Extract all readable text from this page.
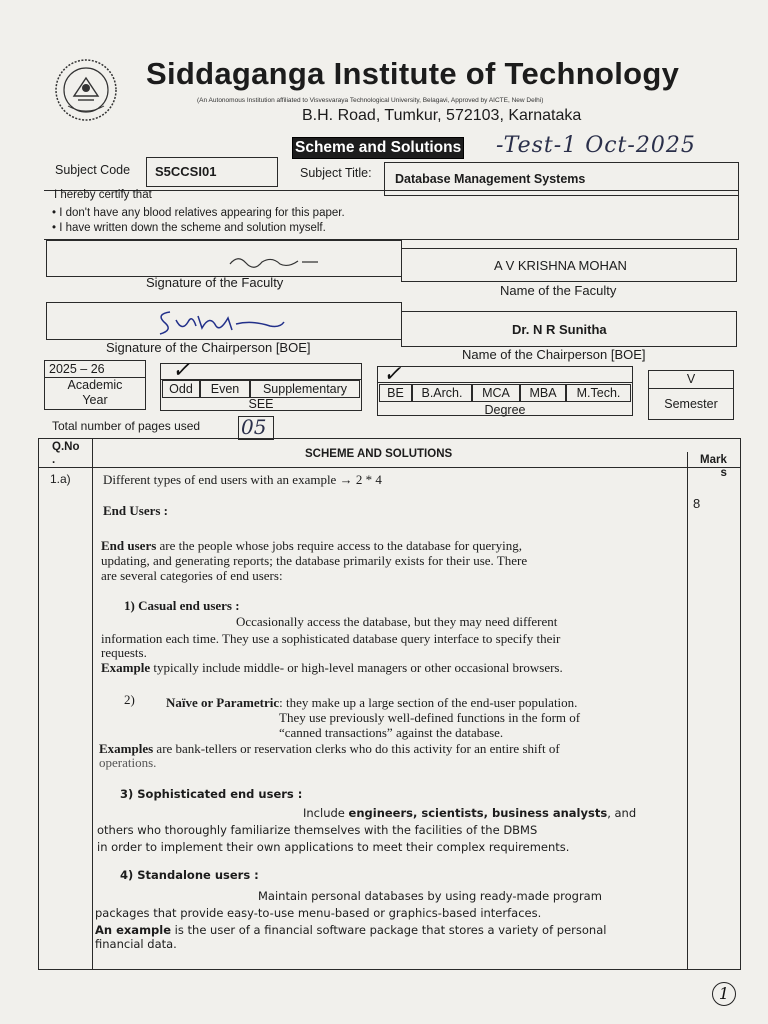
Siddaganga Institute of Technology
(An Autonomous Institution affiliated to Visvesvaraya Technological University, Belagavi, Approved by AICTE, New Delhi)
B.H. Road, Tumkur, 572103, Karnataka
Scheme and Solutions -Test-1 Oct-2025
Subject Code S5CCSI01	Subject Title: Database Management Systems
I hereby certify that
• I don't have any blood relatives appearing for this paper.
• I have written down the scheme and solution myself.
A V KRISHNA MOHAN
Signature of the Faculty
Name of the Faculty
Dr. N R Sunitha
Signature of the Chairperson [BOE]	Name of the Chairperson [BOE]
2025 – 26
Academic
Year
Odd	Even	Supplementary
✓
SEE
BE	B.Arch.	MCA	MBA	M.Tech.
✓
Degree
V
Semester
Total number of pages used 05
Q.No
.	SCHEME AND SOLUTIONS	Mark
s
1.a) Different types of end users with an example → 2 * 4
8
End Users :
End users are the people whose jobs require access to the database for querying,
updating, and generating reports; the database primarily exists for their use. There
are several categories of end users:
1) Casual end users :
Occasionally access the database, but they may need different
information each time. They use a sophisticated database query interface to specify their
requests.
Example typically include middle- or high-level managers or other occasional browsers.
2) Naïve or Parametric: they make up a large section of the end-user population.
They use previously well-defined functions in the form of
“canned transactions” against the database.
Examples are bank-tellers or reservation clerks who do this activity for an entire shift of
operations.
3) Sophisticated end users :
Include engineers, scientists, business analysts, and
others who thoroughly familiarize themselves with the facilities of the DBMS
in order to implement their own applications to meet their complex requirements.
4) Standalone users :
Maintain personal databases by using ready-made program
packages that provide easy-to-use menu-based or graphics-based interfaces.
An example is the user of a financial software package that stores a variety of personal
financial data.
1
